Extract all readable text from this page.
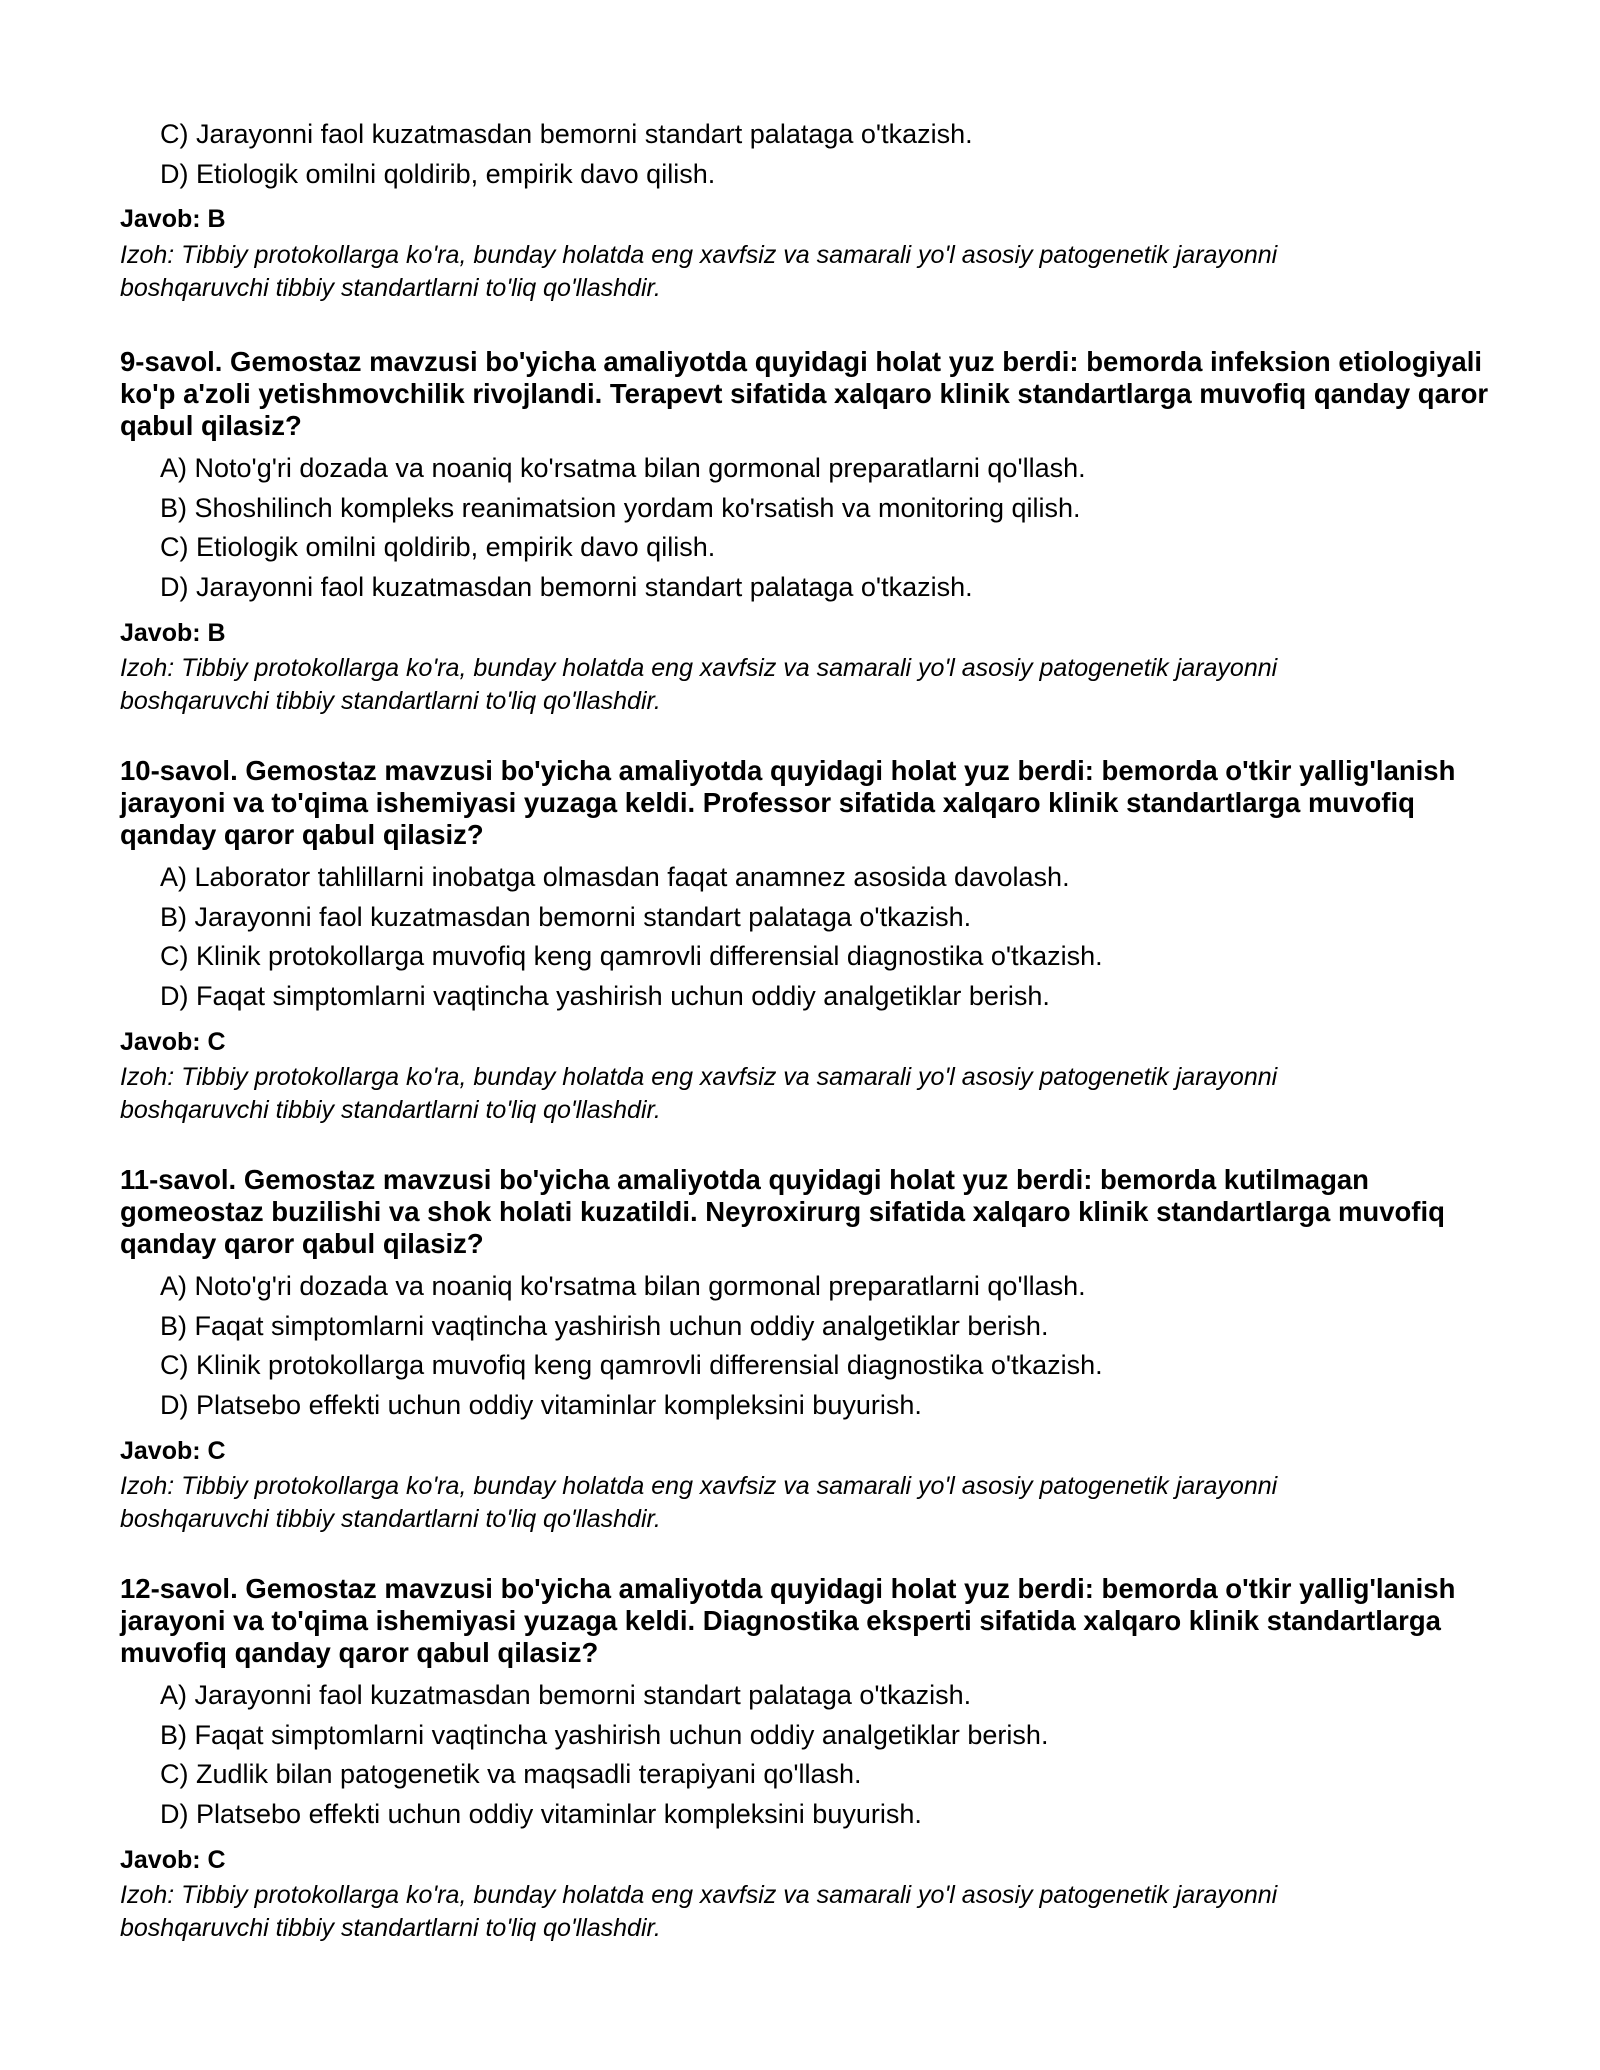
C) Jarayonni faol kuzatmasdan bemorni standart palataga o'tkazish.
D) Etiologik omilni qoldirib, empirik davo qilish.
Javob: B
Izoh: Tibbiy protokollarga ko'ra, bunday holatda eng xavfsiz va samarali yo'l asosiy patogenetik jarayonni boshqaruvchi tibbiy standartlarni to'liq qo'llashdir.

9-savol. Gemostaz mavzusi bo'yicha amaliyotda quyidagi holat yuz berdi: bemorda infeksion etiologiyali ko'p a'zoli yetishmovchilik rivojlandi. Terapevt sifatida xalqaro klinik standartlarga muvofiq qanday qaror qabul qilasiz?

A) Noto'g'ri dozada va noaniq ko'rsatma bilan gormonal preparatlarni qo'llash.
B) Shoshilinch kompleks reanimatsion yordam ko'rsatish va monitoring qilish.
C) Etiologik omilni qoldirib, empirik davo qilish.
D) Jarayonni faol kuzatmasdan bemorni standart palataga o'tkazish.
Javob: B
Izoh: Tibbiy protokollarga ko'ra, bunday holatda eng xavfsiz va samarali yo'l asosiy patogenetik jarayonni boshqaruvchi tibbiy standartlarni to'liq qo'llashdir.

10-savol. Gemostaz mavzusi bo'yicha amaliyotda quyidagi holat yuz berdi: bemorda o'tkir yallig'lanish jarayoni va to'qima ishemiyasi yuzaga keldi. Professor sifatida xalqaro klinik standartlarga muvofiq qanday qaror qabul qilasiz?

A) Laborator tahlillarni inobatga olmasdan faqat anamnez asosida davolash.
B) Jarayonni faol kuzatmasdan bemorni standart palataga o'tkazish.
C) Klinik protokollarga muvofiq keng qamrovli differensial diagnostika o'tkazish.
D) Faqat simptomlarni vaqtincha yashirish uchun oddiy analgetiklar berish.
Javob: C
Izoh: Tibbiy protokollarga ko'ra, bunday holatda eng xavfsiz va samarali yo'l asosiy patogenetik jarayonni boshqaruvchi tibbiy standartlarni to'liq qo'llashdir.

11-savol. Gemostaz mavzusi bo'yicha amaliyotda quyidagi holat yuz berdi: bemorda kutilmagan gomeostaz buzilishi va shok holati kuzatildi. Neyroxirurg sifatida xalqaro klinik standartlarga muvofiq qanday qaror qabul qilasiz?

A) Noto'g'ri dozada va noaniq ko'rsatma bilan gormonal preparatlarni qo'llash.
B) Faqat simptomlarni vaqtincha yashirish uchun oddiy analgetiklar berish.
C) Klinik protokollarga muvofiq keng qamrovli differensial diagnostika o'tkazish.
D) Platsebo effekti uchun oddiy vitaminlar kompleksini buyurish.
Javob: C
Izoh: Tibbiy protokollarga ko'ra, bunday holatda eng xavfsiz va samarali yo'l asosiy patogenetik jarayonni boshqaruvchi tibbiy standartlarni to'liq qo'llashdir.

12-savol. Gemostaz mavzusi bo'yicha amaliyotda quyidagi holat yuz berdi: bemorda o'tkir yallig'lanish jarayoni va to'qima ishemiyasi yuzaga keldi. Diagnostika eksperti sifatida xalqaro klinik standartlarga muvofiq qanday qaror qabul qilasiz?

A) Jarayonni faol kuzatmasdan bemorni standart palataga o'tkazish.
B) Faqat simptomlarni vaqtincha yashirish uchun oddiy analgetiklar berish.
C) Zudlik bilan patogenetik va maqsadli terapiyani qo'llash.
D) Platsebo effekti uchun oddiy vitaminlar kompleksini buyurish.
Javob: C
Izoh: Tibbiy protokollarga ko'ra, bunday holatda eng xavfsiz va samarali yo'l asosiy patogenetik jarayonni boshqaruvchi tibbiy standartlarni to'liq qo'llashdir.
